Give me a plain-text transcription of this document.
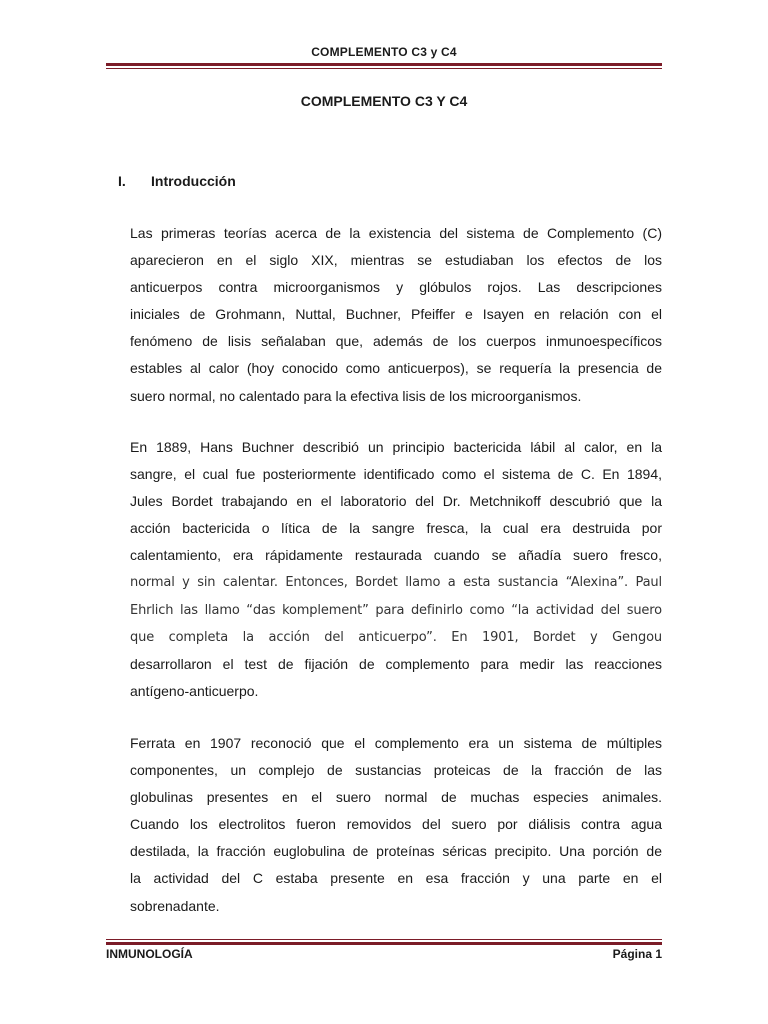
COMPLEMENTO C3 y C4
COMPLEMENTO C3 Y C4
I. Introducción
Las primeras teorías acerca de la existencia del sistema de Complemento (C)
aparecieron en el siglo XIX, mientras se estudiaban los efectos de los
anticuerpos contra microorganismos y glóbulos rojos. Las descripciones
iniciales de Grohmann, Nuttal, Buchner, Pfeiffer e Isayen en relación con el
fenómeno de lisis señalaban que, además de los cuerpos inmunoespecíficos
estables al calor (hoy conocido como anticuerpos), se requería la presencia de
suero normal, no calentado para la efectiva lisis de los microorganismos.
En 1889, Hans Buchner describió un principio bactericida lábil al calor, en la
sangre, el cual fue posteriormente identificado como el sistema de C. En 1894,
Jules Bordet trabajando en el laboratorio del Dr. Metchnikoff descubrió que la
acción bactericida o lítica de la sangre fresca, la cual era destruida por
calentamiento, era rápidamente restaurada cuando se añadía suero fresco,
normal y sin calentar. Entonces, Bordet llamo a esta sustancia “Alexina”. Paul
Ehrlich las llamo “das komplement” para definirlo como “la actividad del suero
que completa la acción del anticuerpo”. En 1901, Bordet y Gengou
desarrollaron el test de fijación de complemento para medir las reacciones
antígeno-anticuerpo.
Ferrata en 1907 reconoció que el complemento era un sistema de múltiples
componentes, un complejo de sustancias proteicas de la fracción de las
globulinas presentes en el suero normal de muchas especies animales.
Cuando los electrolitos fueron removidos del suero por diálisis contra agua
destilada, la fracción euglobulina de proteínas séricas precipito. Una porción de
la actividad del C estaba presente en esa fracción y una parte en el
sobrenadante.
INMUNOLOGÍA	Página 1
